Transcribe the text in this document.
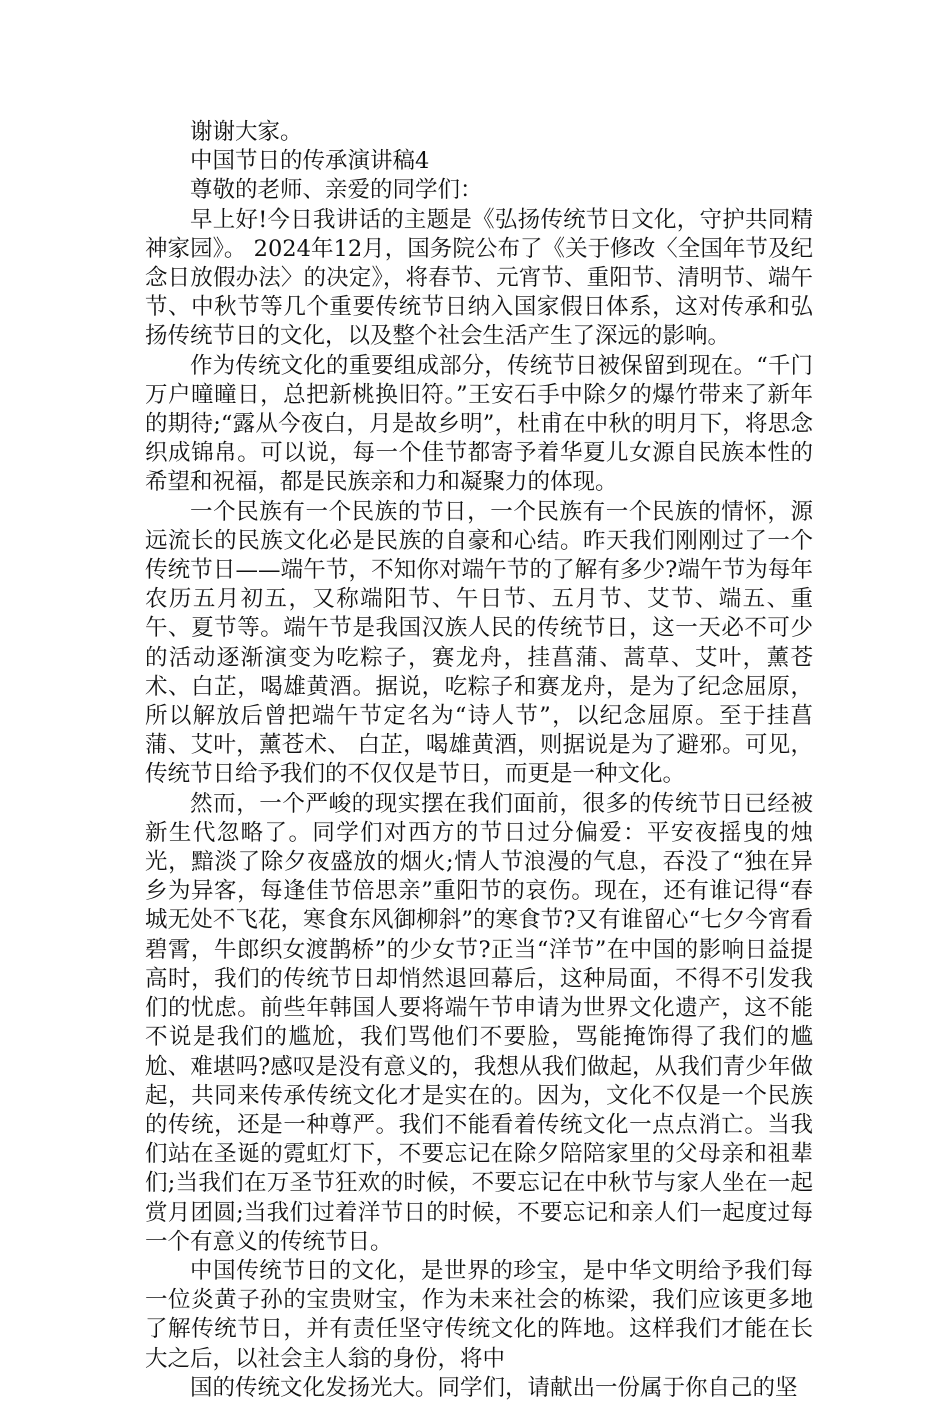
谢谢大家。

中国节日的传承演讲稿4

尊敬的老师、亲爱的同学们：

早上好!今日我讲话的主题是《弘扬传统节日文化，守护共同精神家园》。 2024年12月，国务院公布了《关于修改〈全国年节及纪念日放假办法〉的决定》，将春节、元宵节、重阳节、清明节、端午节、中秋节等几个重要传统节日纳入国家假日体系，这对传承和弘扬传统节日的文化，以及整个社会生活产生了深远的影响。

作为传统文化的重要组成部分，传统节日被保留到现在。“千门万户曈曈日，总把新桃换旧符。”王安石手中除夕的爆竹带来了新年的期待;“露从今夜白，月是故乡明”，杜甫在中秋的明月下，将思念织成锦帛。可以说，每一个佳节都寄予着华夏儿女源自民族本性的希望和祝福，都是民族亲和力和凝聚力的体现。

一个民族有一个民族的节日，一个民族有一个民族的情怀，源远流长的民族文化必是民族的自豪和心结。昨天我们刚刚过了一个传统节日——端午节，不知你对端午节的了解有多少?端午节为每年农历五月初五，又称端阳节、午日节、五月节、艾节、端五、重午、夏节等。端午节是我国汉族人民的传统节日，这一天必不可少的活动逐渐演变为吃粽子，赛龙舟，挂菖蒲、蒿草、艾叶，薰苍术、白芷，喝雄黄酒。据说，吃粽子和赛龙舟，是为了纪念屈原，所以解放后曾把端午节定名为“诗人节”，以纪念屈原。至于挂菖蒲、艾叶，薰苍术、 白芷，喝雄黄酒，则据说是为了避邪。可见，传统节日给予我们的不仅仅是节日，而更是一种文化。

然而，一个严峻的现实摆在我们面前，很多的传统节日已经被新生代忽略了。同学们对西方的节日过分偏爱：平安夜摇曳的烛光，黯淡了除夕夜盛放的烟火;情人节浪漫的气息，吞没了“独在异乡为异客，每逢佳节倍思亲”重阳节的哀伤。现在，还有谁记得“春城无处不飞花，寒食东风御柳斜”的寒食节?又有谁留心“七夕今宵看碧霄，牛郎织女渡鹊桥”的少女节?正当“洋节”在中国的影响日益提高时，我们的传统节日却悄然退回幕后，这种局面，不得不引发我们的忧虑。前些年韩国人要将端午节申请为世界文化遗产，这不能不说是我们的尴尬，我们骂他们不要脸，骂能掩饰得了我们的尴尬、难堪吗?感叹是没有意义的，我想从我们做起，从我们青少年做起，共同来传承传统文化才是实在的。因为，文化不仅是一个民族的传统，还是一种尊严。我们不能看着传统文化一点点消亡。当我们站在圣诞的霓虹灯下，不要忘记在除夕陪陪家里的父母亲和祖辈们;当我们在万圣节狂欢的时候，不要忘记在中秋节与家人坐在一起赏月团圆;当我们过着洋节日的时候，不要忘记和亲人们一起度过每一个有意义的传统节日。

中国传统节日的文化，是世界的珍宝，是中华文明给予我们每一位炎黄子孙的宝贵财宝，作为未来社会的栋梁，我们应该更多地了解传统节日，并有责任坚守传统文化的阵地。这样我们才能在长大之后，以社会主人翁的身份，将中

国的传统文化发扬光大。同学们，请献出一份属于你自己的坚
